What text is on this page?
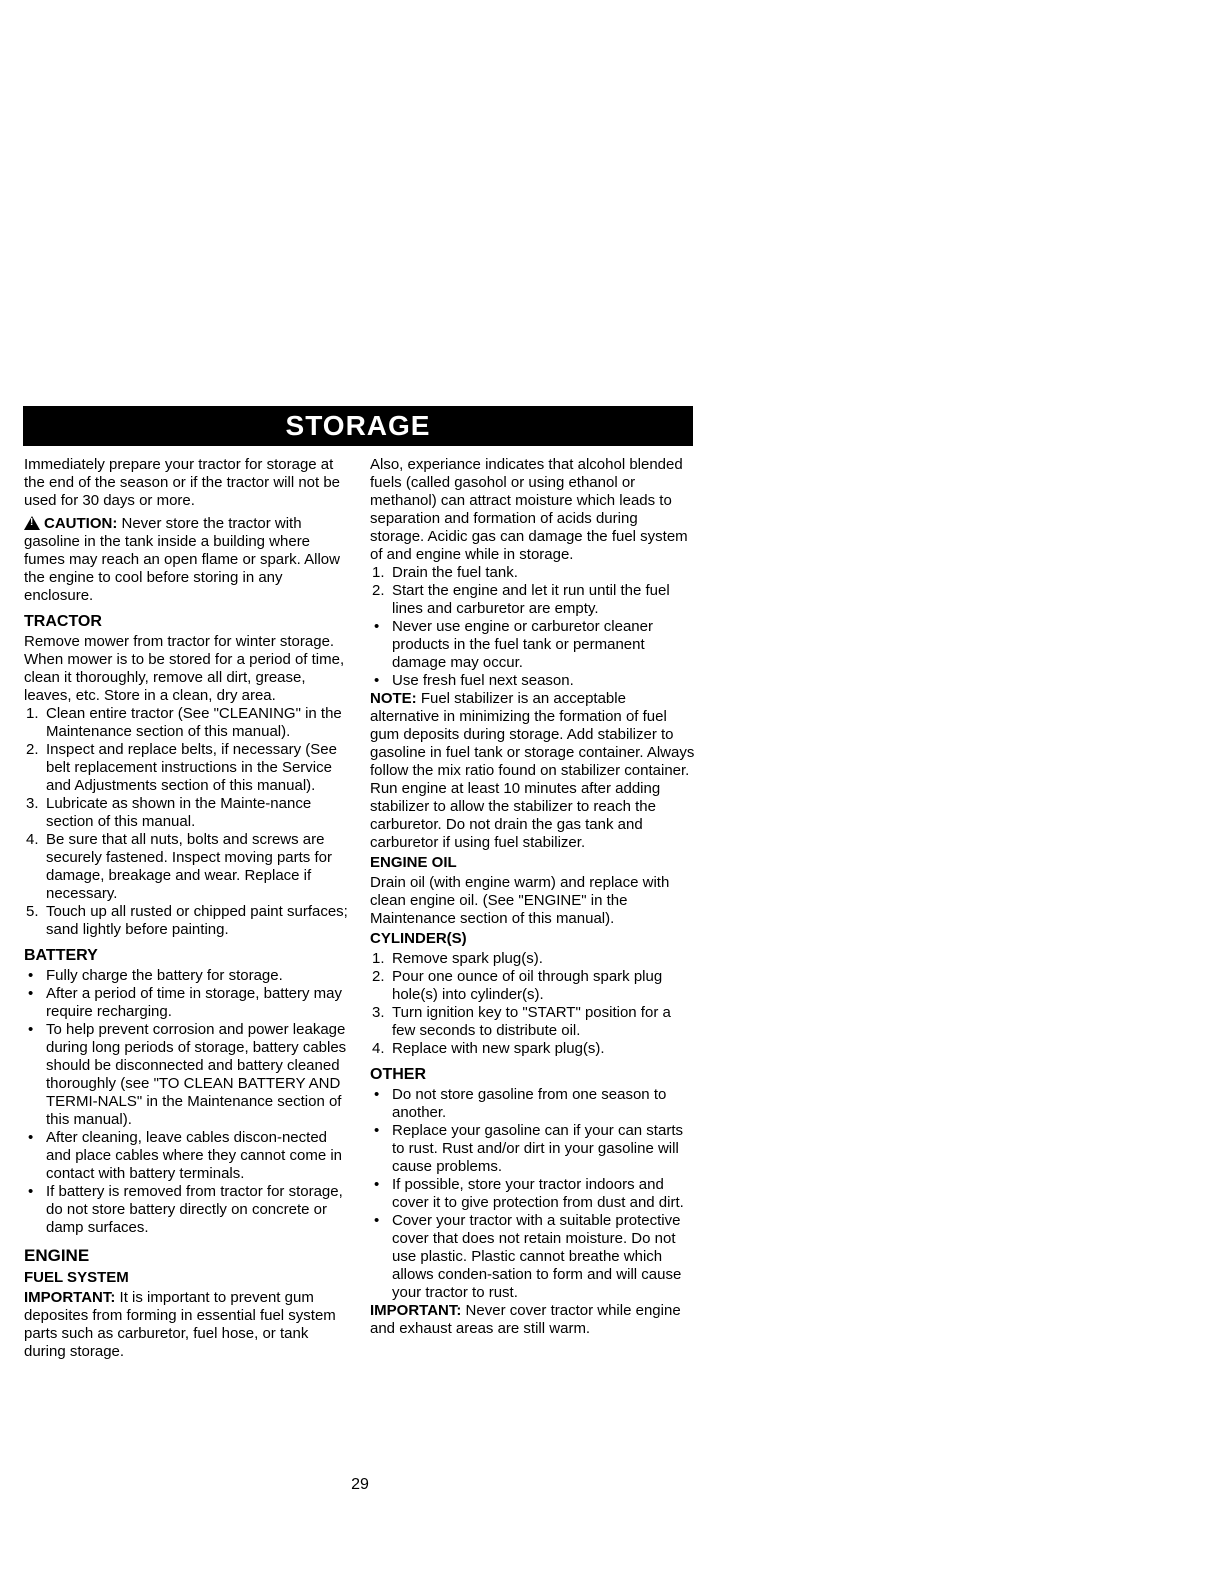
STORAGE

Immediately prepare your tractor for storage at the end of the season or if the tractor will not be used for 30 days or more.

! CAUTION: Never store the tractor with gasoline in the tank inside a building where fumes may reach an open flame or spark. Allow the engine to cool before storing in any enclosure.

TRACTOR

Remove mower from tractor for winter storage. When mower is to be stored for a period of time, clean it thoroughly, remove all dirt, grease, leaves, etc. Store in a clean, dry area.

1. Clean entire tractor (See "CLEANING" in the Maintenance section of this manual).
2. Inspect and replace belts, if necessary (See belt replacement instructions in the Service and Adjustments section of this manual).
3. Lubricate as shown in the Mainte-nance section of this manual.
4. Be sure that all nuts, bolts and screws are securely fastened. Inspect moving parts for damage, breakage and wear. Replace if necessary.
5. Touch up all rusted or chipped paint surfaces; sand lightly before painting.
BATTERY
• Fully charge the battery for storage.
• After a period of time in storage, battery may require recharging.
• To help prevent corrosion and power leakage during long periods of storage, battery cables should be disconnected and battery cleaned thoroughly (see "TO CLEAN BATTERY AND TERMI-NALS" in the Maintenance section of this manual).
• After cleaning, leave cables discon-nected and place cables where they cannot come in contact with battery terminals.
• If battery is removed from tractor for storage, do not store battery directly on concrete or damp surfaces.
ENGINE
FUEL SYSTEM

IMPORTANT: It is important to prevent gum deposites from forming in essential fuel system parts such as carburetor, fuel hose, or tank during storage.

Also, experiance indicates that alcohol blended fuels (called gasohol or using ethanol or methanol) can attract moisture which leads to separation and formation of acids during storage. Acidic gas can damage the fuel system of and engine while in storage.

1. Drain the fuel tank.
2. Start the engine and let it run until the fuel lines and carburetor are empty.
• Never use engine or carburetor cleaner products in the fuel tank or permanent damage may occur.
• Use fresh fuel next season.

NOTE: Fuel stabilizer is an acceptable alternative in minimizing the formation of fuel gum deposits during storage. Add stabilizer to gasoline in fuel tank or storage container. Always follow the mix ratio found on stabilizer container. Run engine at least 10 minutes after adding stabilizer to allow the stabilizer to reach the carburetor. Do not drain the gas tank and carburetor if using fuel stabilizer.

ENGINE OIL

Drain oil (with engine warm) and replace with clean engine oil. (See "ENGINE" in the Maintenance section of this manual).

CYLINDER(S)
1. Remove spark plug(s).
2. Pour one ounce of oil through spark plug hole(s) into cylinder(s).
3. Turn ignition key to "START" position for a few seconds to distribute oil.
4. Replace with new spark plug(s).
OTHER
• Do not store gasoline from one season to another.
• Replace your gasoline can if your can starts to rust. Rust and/or dirt in your gasoline will cause problems.
• If possible, store your tractor indoors and cover it to give protection from dust and dirt.
• Cover your tractor with a suitable protective cover that does not retain moisture. Do not use plastic. Plastic cannot breathe which allows conden-sation to form and will cause your tractor to rust.

IMPORTANT: Never cover tractor while engine and exhaust areas are still warm.

29
